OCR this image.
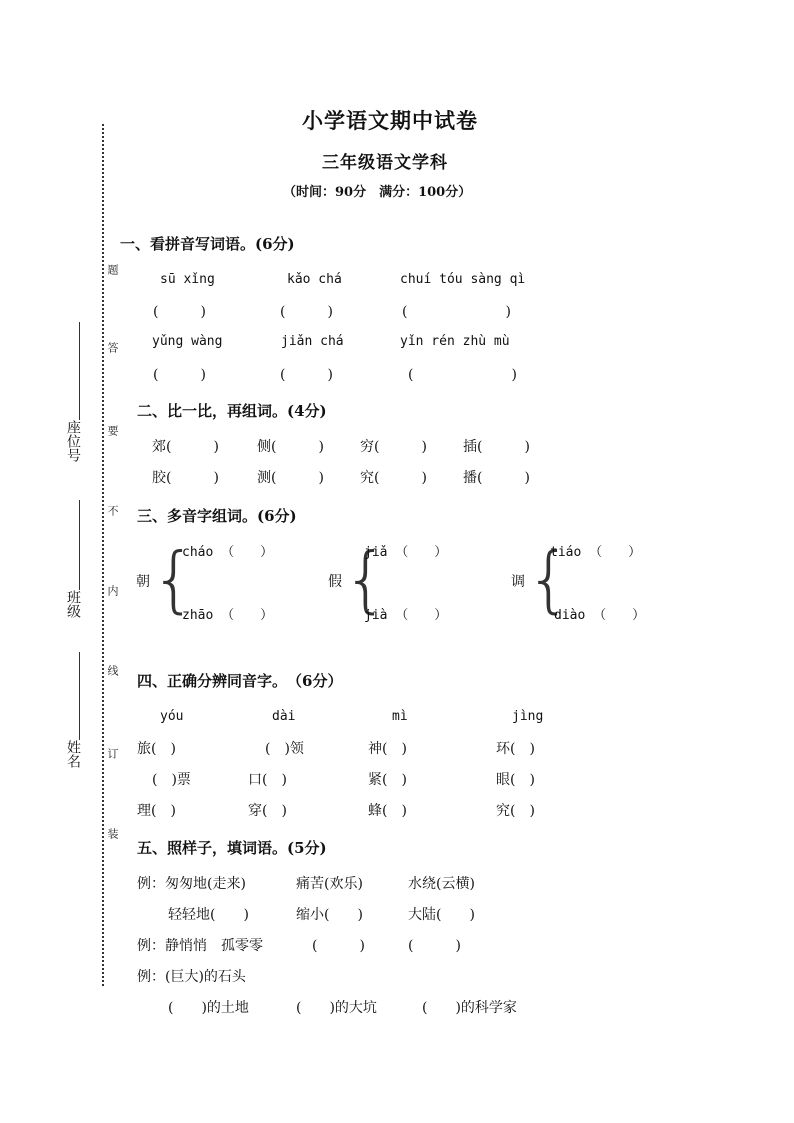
小学语文期中试卷
三年级语文学科
（时间：90分　满分：100分）
座位号
班级
姓名
题
答
要
不
内
线
订
装
一、看拼音写词语。(6分)
sū xǐng	kǎo chá	chuí tóu sàng qì
(　　　)	(　　　)	(　　　　　　　)
yǔng wàng	jiǎn chá	yǐn rén zhù mù
(　　　)	(　　　)	(　　　　　　　)
二、比一比，再组词。(4分)
郊(　　　)	侧(　　　)	穷(　　　)	插(　　　)
胶(　　　)	测(　　　)	究(　　　)	播(　　　)
三、多音字组词。(6分)
朝 {
cháo （　　）
zhāo （　　）
假 {
jiǎ （　　）
jià （　　）
调 {
tiáo （　　）
diào （　　）
四、正确分辨同音字。　（6分）
yóu	dài	mì	jìng
旅(　)	(　)领	神(　)	环(　)
(　)票	口(　)	紧(　)	眼(　)
理(　)	穿(　)	蜂(　)	究(　)
五、照样子，填词语。(5分)
例：匆匆地(走来)	痛苦(欢乐)	水绕(云横)
轻轻地(　　)	缩小(　　)	大陆(　　)
例：静悄悄　孤零零	(　　　)	(　　　)
例：(巨大)的石头
(　　)的土地	(　　)的大坑	(　　)的科学家
